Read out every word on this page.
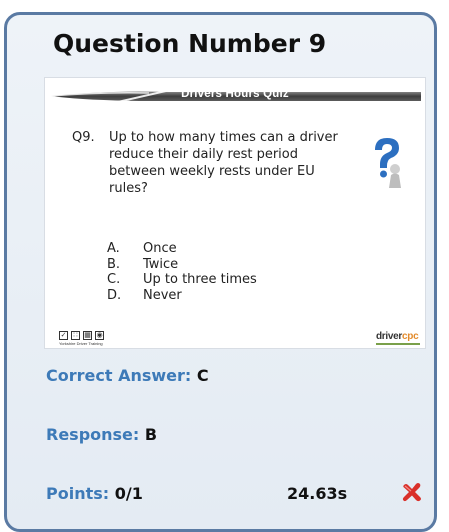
Question Number 9
Drivers Hours Quiz
Q9. Up to how many times can a driver
reduce their daily rest period
between weekly rests under EU
rules?
A.	Once
B.	Twice
C.	Up to three times
D.	Never
✓ ∷ ▦ ◉
Yorkshire Driver Training
drivercpc
Correct Answer: C
Response: B
Points: 0/1	24.63s
